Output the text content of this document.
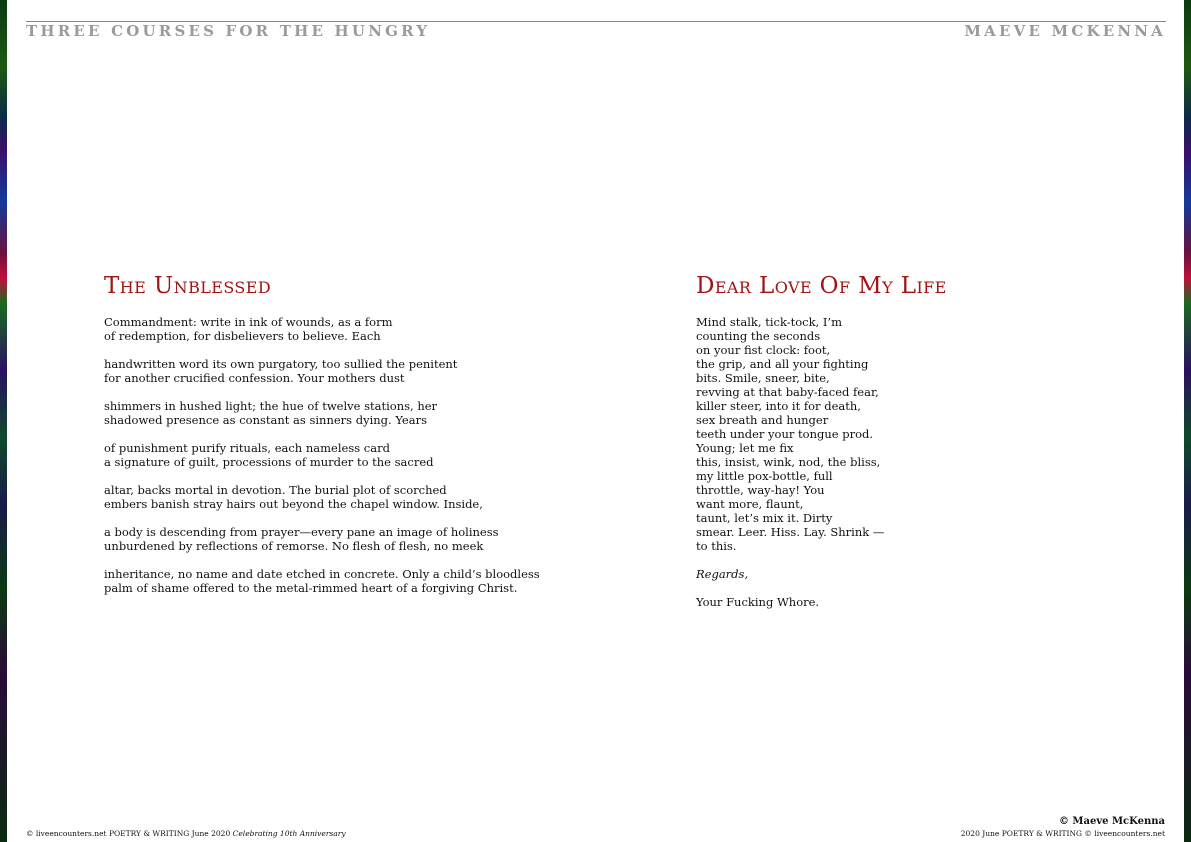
THREE COURSES FOR THE HUNGRY	MAEVE MCKENNA
The Unblessed

Commandment: write in ink of wounds, as a form
of redemption, for disbelievers to believe. Each

handwritten word its own purgatory, too sullied the penitent
for another crucified confession. Your mothers dust

shimmers in hushed light; the hue of twelve stations, her
shadowed presence as constant as sinners dying. Years

of punishment purify rituals, each nameless card
a signature of guilt, processions of murder to the sacred

altar, backs mortal in devotion. The burial plot of scorched
embers banish stray hairs out beyond the chapel window. Inside,

a body is descending from prayer—every pane an image of holiness
unburdened by reflections of remorse. No flesh of flesh, no meek

inheritance, no name and date etched in concrete. Only a child’s bloodless
palm of shame offered to the metal-rimmed heart of a forgiving Christ.

Dear Love Of My Life

Mind stalk, tick-tock, I’m
counting the seconds
on your fist clock: foot,
the grip, and all your fighting
bits. Smile, sneer, bite,
revving at that baby-faced fear,
killer steer, into it for death,
sex breath and hunger
teeth under your tongue prod.
Young; let me fix
this, insist, wink, nod, the bliss,
my little pox-bottle, full
throttle, way-hay! You
want more, flaunt,
taunt, let’s mix it. Dirty
smear. Leer. Hiss. Lay. Shrink —
to this.

Regards,

Your Fucking Whore.

© liveencounters.net POETRY & WRITING June 2020 Celebrating 10th Anniversary
© Maeve McKenna
2020 June POETRY & WRITING © liveencounters.net
